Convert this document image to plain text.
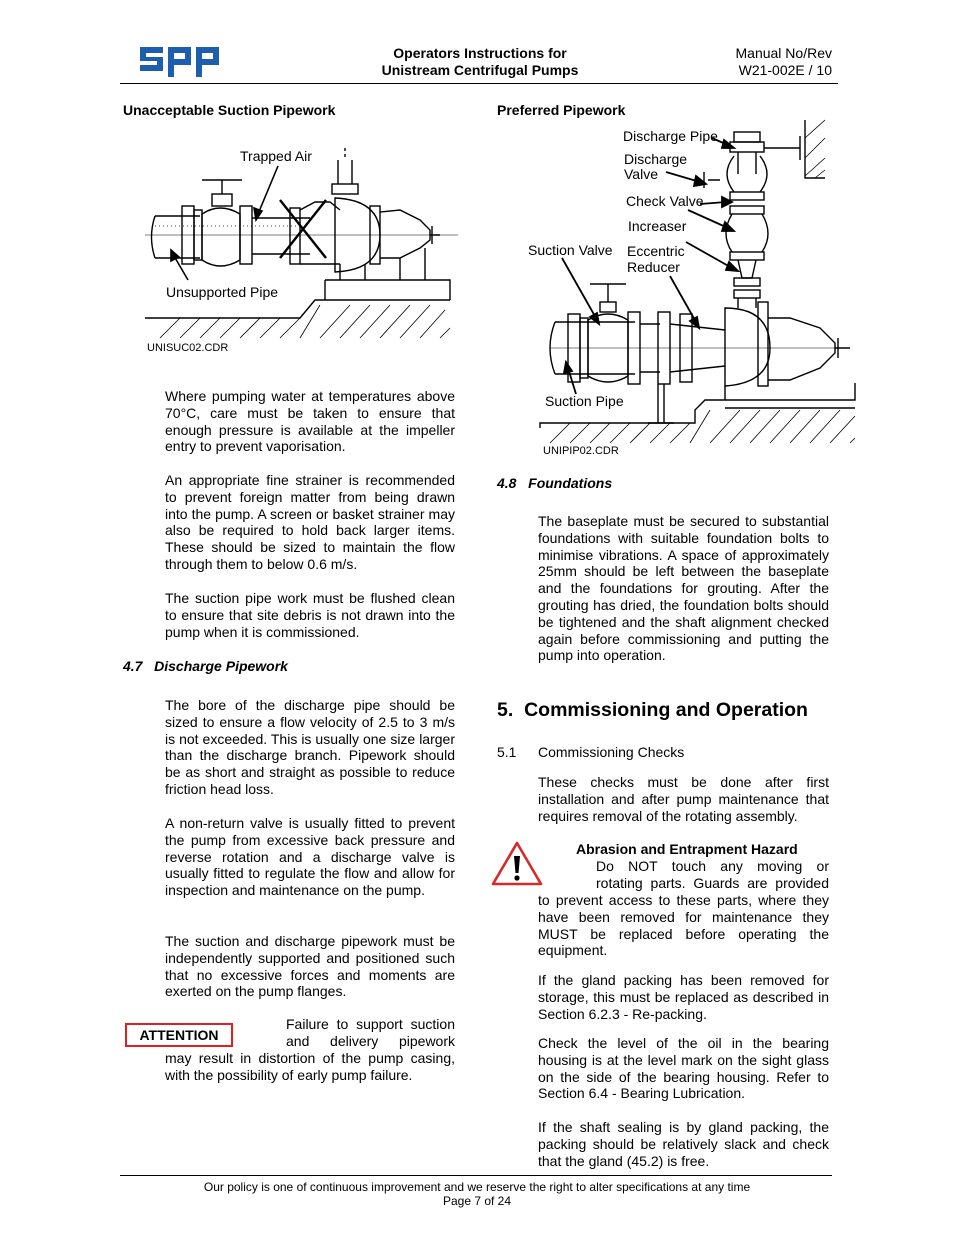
Operators Instructions for
Unistream Centrifugal Pumps
Manual No/Rev
W21-002E / 10
Unacceptable Suction Pipework
Trapped Air
Unsupported Pipe
UNISUC02.CDR
Where pumping water at temperatures above 70°C, care must be taken to ensure that enough pressure is available at the impeller entry to prevent vaporisation.
An appropriate fine strainer is recommended to prevent foreign matter from being drawn into the pump. A screen or basket strainer may also be required to hold back larger items. These should be sized to maintain the flow through them to below 0.6 m/s.
The suction pipe work must be flushed clean to ensure that site debris is not drawn into the pump when it is commissioned.
4.7 Discharge Pipework
The bore of the discharge pipe should be sized to ensure a flow velocity of 2.5 to 3 m/s is not exceeded. This is usually one size larger than the discharge branch. Pipework should be as short and straight as possible to reduce friction head loss.
A non-return valve is usually fitted to prevent the pump from excessive back pressure and reverse rotation and a discharge valve is usually fitted to regulate the flow and allow for inspection and maintenance on the pump.
The suction and discharge pipework must be independently supported and positioned such that no excessive forces and moments are exerted on the pump flanges.
ATTENTION
Failure to support suction
and delivery pipework
may result in distortion of the pump casing, with the possibility of early pump failure.
Preferred Pipework
Discharge Pipe
Discharge
Valve
Check Valve
Increaser
Suction Valve Eccentric
Reducer
Suction Pipe
UNIPIP02.CDR
4.8 Foundations
The baseplate must be secured to substantial foundations with suitable foundation bolts to minimise vibrations. A space of approximately 25mm should be left between the baseplate and the foundations for grouting. After the grouting has dried, the foundation bolts should be tightened and the shaft alignment checked again before commissioning and putting the pump into operation.
5.  Commissioning and Operation
5.1 Commissioning Checks
These checks must be done after first installation and after pump maintenance that requires removal of the rotating assembly.
Abrasion and Entrapment Hazard
Do NOT touch any moving or
rotating parts. Guards are provided
to prevent access to these parts, where they have been removed for maintenance they MUST be replaced before operating the equipment.
If the gland packing has been removed for storage, this must be replaced as described in Section 6.2.3 - Re-packing.
Check the level of the oil in the bearing housing is at the level mark on the sight glass on the side of the bearing housing. Refer to Section 6.4 - Bearing Lubrication.
If the shaft sealing is by gland packing, the packing should be relatively slack and check that the gland (45.2) is free.
Our policy is one of continuous improvement and we reserve the right to alter specifications at any time
Page 7 of 24
